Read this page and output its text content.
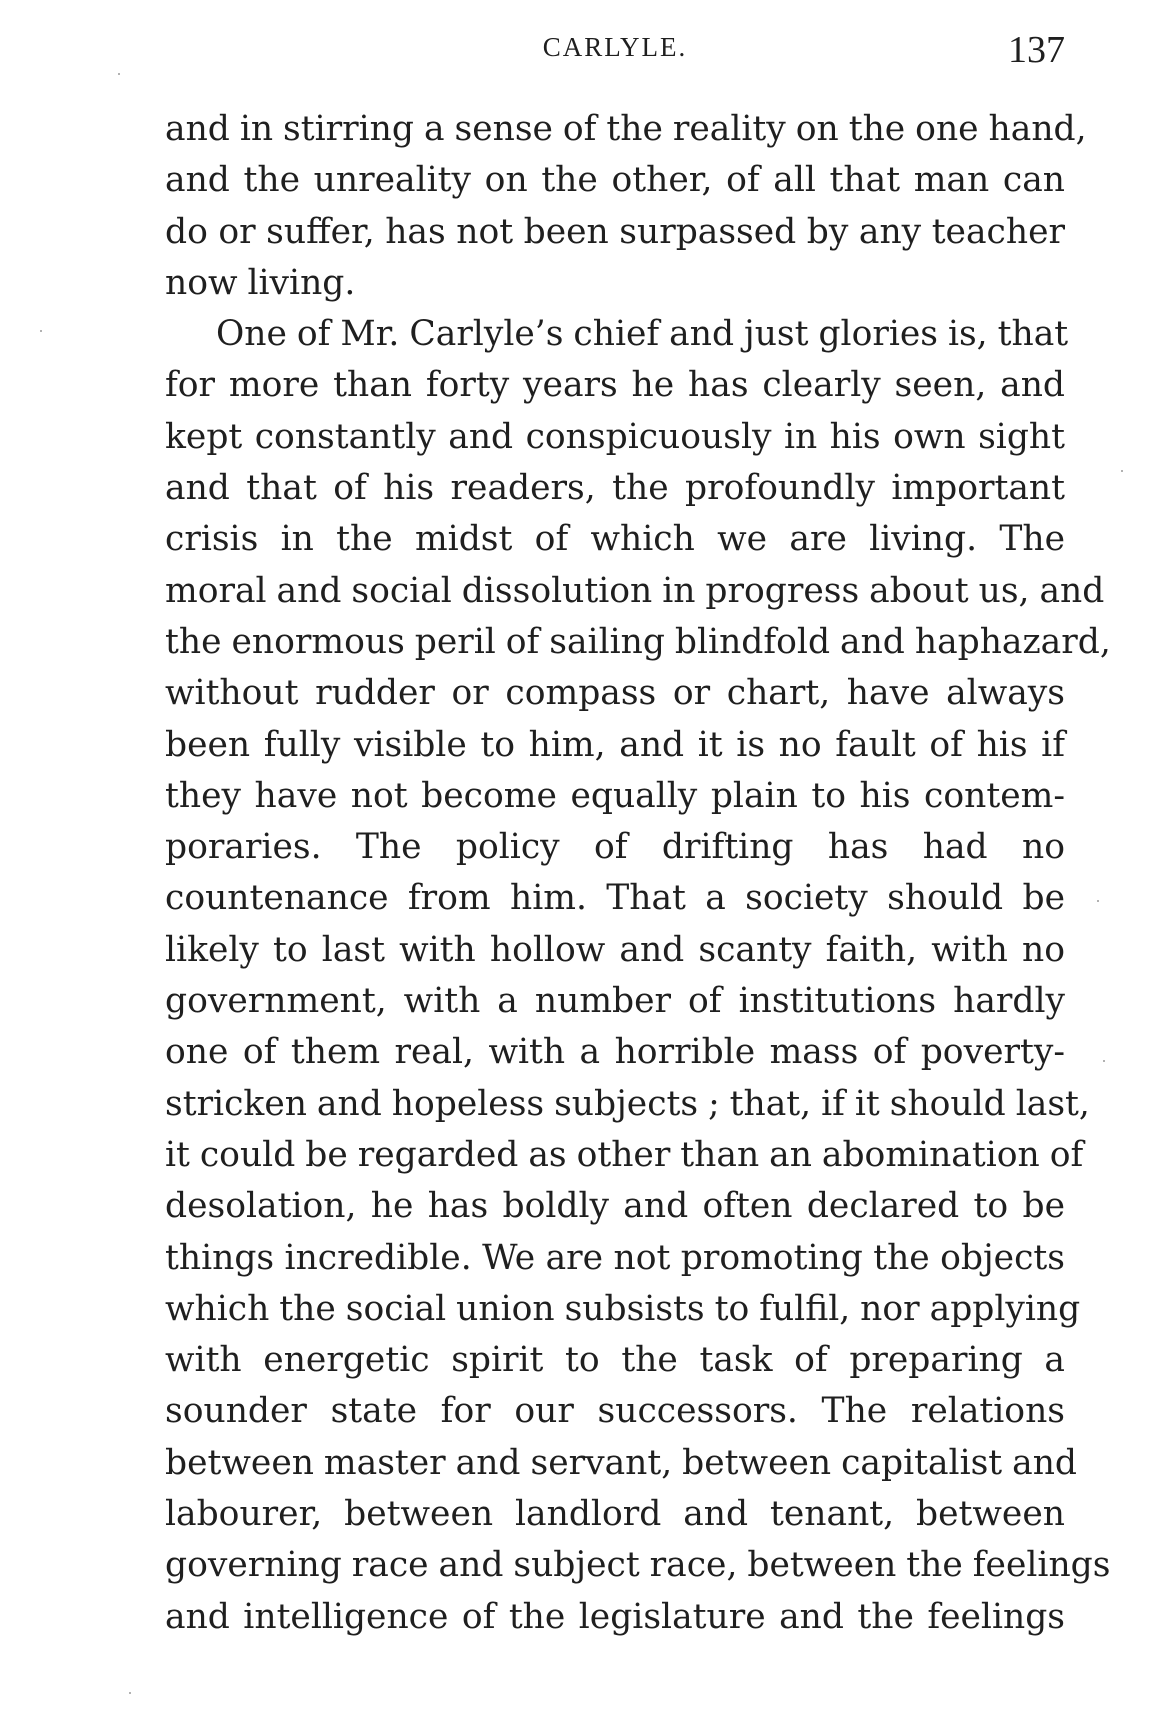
CARLYLE.	137
and in stirring a sense of the reality on the one hand,
and the unreality on the other, of all that man can
do or suffer, has not been surpassed by any teacher
now living.
One of Mr. Carlyle’s chief and just glories is, that
for more than forty years he has clearly seen, and
kept constantly and conspicuously in his own sight
and that of his readers, the profoundly important
crisis in the midst of which we are living. The
moral and social dissolution in progress about us, and
the enormous peril of sailing blindfold and haphazard,
without rudder or compass or chart, have always
been fully visible to him, and it is no fault of his if
they have not become equally plain to his contem-
poraries. The policy of drifting has had no
countenance from him. That a society should be
likely to last with hollow and scanty faith, with no
government, with a number of institutions hardly
one of them real, with a horrible mass of poverty-
stricken and hopeless subjects ; that, if it should last,
it could be regarded as other than an abomination of
desolation, he has boldly and often declared to be
things incredible. We are not promoting the objects
which the social union subsists to fulfil, nor applying
with energetic spirit to the task of preparing a
sounder state for our successors. The relations
between master and servant, between capitalist and
labourer, between landlord and tenant, between
governing race and subject race, between the feelings
and intelligence of the legislature and the feelings
